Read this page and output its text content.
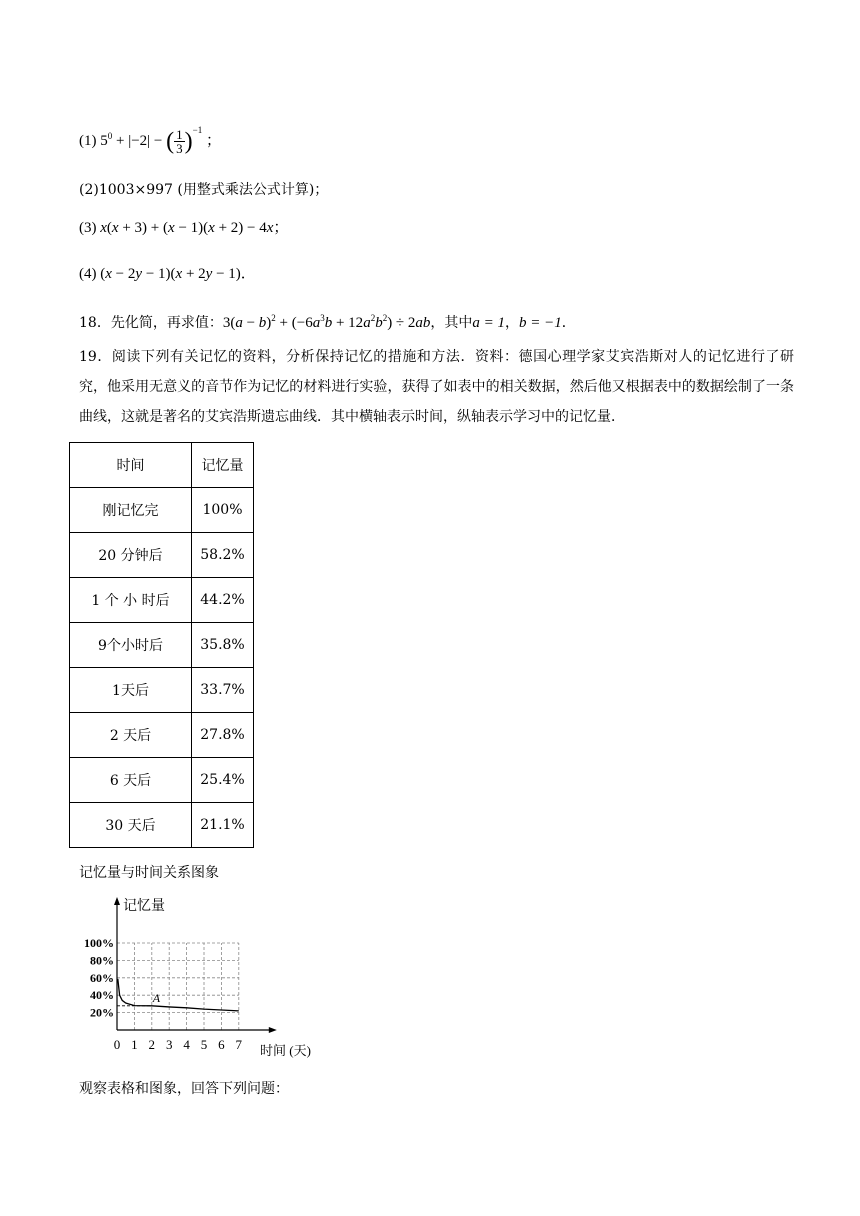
(1) $5^0 + |-2|$ − ( $\frac{1}{3} )^{-1}$ ；
(2)1003×997 (用整式乘法公式计算)；
(3) x(x + 3) + (x − 1)(x + 2) − 4x；
(4) (x − 2y − 1)(x + 2y − 1)．
18．先化简，再求值：$3(a - b)^2 + (-6a^3b + 12a^2b^2) \div 2ab$，其中a = 1，b = −1．
19．阅读下列有关记忆的资料，分析保持记忆的措施和方法．资料：德国心理学家艾宾浩斯对人的记忆进行了研究，他采用无意义的音节作为记忆的材料进行实验，获得了如表中的相关数据，然后他又根据表中的数据绘制了一条曲线，这就是著名的艾宾浩斯遗忘曲线．其中横轴表示时间，纵轴表示学习中的记忆量．
时间	记忆量
刚记忆完	100%
20 分钟后	58.2%
1 个 小 时后	44.2%
9个小时后	35.8%
1天后	33.7%
2 天后	27.8%
6 天后	25.4%
30 天后	21.1%
记忆量与时间关系图象
0 1 2 3 4 5 6 7
20%
40%
60%
80%
100%
记忆量
时间 (天)
A
观察表格和图象，回答下列问题：
